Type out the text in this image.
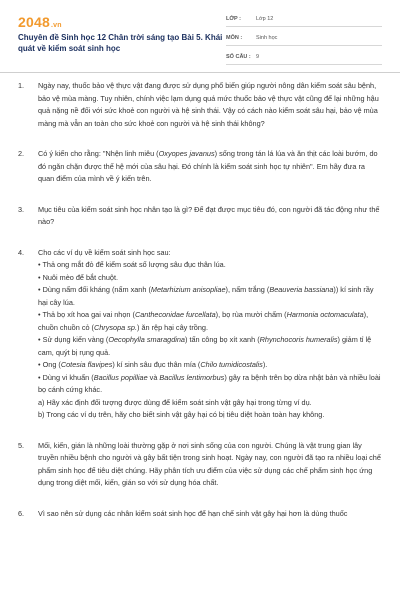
2048.vn
Chuyên đề Sinh học 12 Chân trời sáng tạo Bài 5. Khái quát về kiểm soát sinh học
LỚP :	Lớp 12
MÔN :	Sinh học
SỐ CÂU : 9
1.	Ngày nay, thuốc bảo vệ thực vật đang được sử dụng phổ biến giúp người nông dân kiểm soát sâu bệnh, bảo vệ mùa màng. Tuy nhiên, chính việc lạm dụng quá mức thuốc bảo vệ thực vật cũng để lại những hậu quả nặng nề đối với sức khoẻ con người và hệ sinh thái. Vậy có cách nào kiểm soát sâu hại, bảo vệ mùa màng mà vẫn an toàn cho sức khoẻ con người và hệ sinh thái không?

2.	Có ý kiến cho rằng: "Nhện linh miêu (Oxyopes javanus) sống trong tán lá lúa và ăn thịt các loài bướm, do đó ngăn chặn được thế hệ mới của sâu hại. Đó chính là kiểm soát sinh học tự nhiên". Em hãy đưa ra quan điểm của mình về ý kiến trên.

3.	Mục tiêu của kiểm soát sinh học nhân tạo là gì? Để đạt được mục tiêu đó, con người đã tác động như thế nào?

4.	Cho các ví dụ về kiểm soát sinh học sau:

• Thả ong mắt đỏ để kiểm soát số lượng sâu đục thân lúa.

• Nuôi mèo để bắt chuột.

• Dùng nấm đối kháng (nấm xanh (Metarhizium anisopliae), nấm trắng (Beauveria bassiana)) kí sinh rầy hại cây lúa.

• Thả bọ xít hoa gai vai nhọn (Cantheconidae furcellata), bọ rùa mười chấm (Harmonia octomaculata), chuồn chuồn cỏ (Chrysopa sp.) ăn rệp hại cây trồng.

• Sử dụng kiến vàng (Oecophylla smaragdina) tấn công bọ xít xanh (Rhynchocoris humeralis) giảm tỉ lệ cam, quýt bị rụng quả.

• Ong (Cotesia flavipes) kí sinh sâu đục thân mía (Chilo tumidicostalis).

• Dùng vi khuẩn (Bacillus popilliae và Bacillus lentimorbus) gây ra bệnh trên bọ dừa nhật bản và nhiều loài bọ cánh cứng khác.

a) Hãy xác định đối tượng được dùng để kiểm soát sinh vật gây hại trong từng ví dụ.

b) Trong các ví dụ trên, hãy cho biết sinh vật gây hại có bị tiêu diệt hoàn toàn hay không.

5.	Mối, kiến, gián là những loài thường gặp ở nơi sinh sống của con người. Chúng là vật trung gian lây truyền nhiều bệnh cho người và gây bất tiện trong sinh hoạt. Ngày nay, con người đã tạo ra nhiều loại chế phẩm sinh học để tiêu diệt chúng. Hãy phân tích ưu điểm của việc sử dụng các chế phẩm sinh học ứng dụng trong diệt mối, kiến, gián so với sử dụng hóa chất.

6.	Vì sao nên sử dụng các nhân kiểm soát sinh học để hạn chế sinh vật gây hại hơn là dùng thuốc
